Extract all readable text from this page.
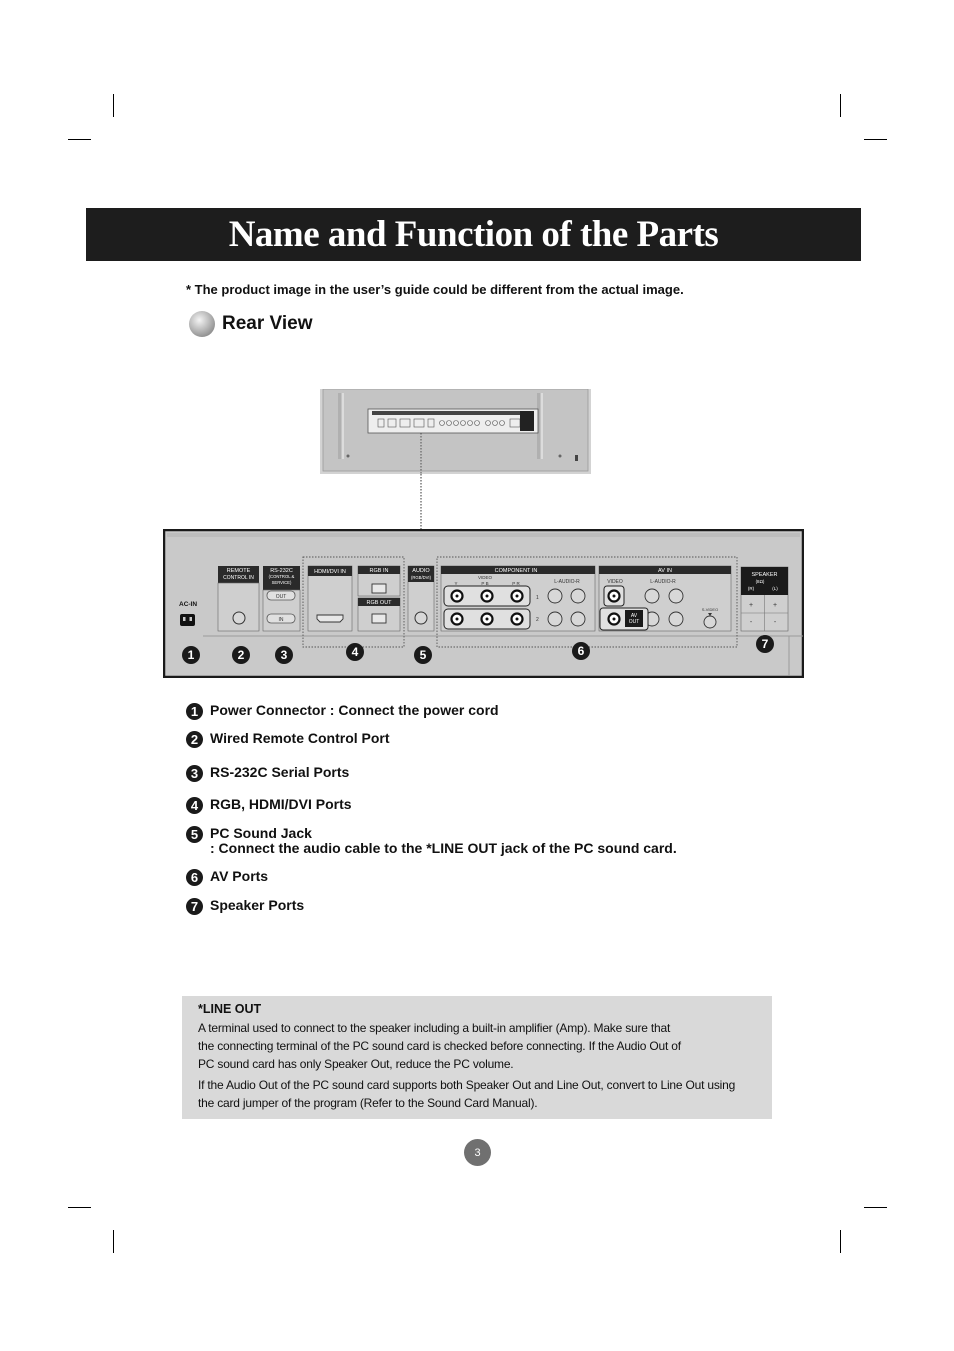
Name and Function of the Parts
* The product image in the user’s guide could be different from the actual image.
Rear View
AC-IN
REMOTE
CONTROL IN
RS-232C
(CONTROL &
SERVICE)
OUT
IN
HDMI/DVI IN	RGB IN
RGB OUT
AUDIO
(RGB/DVI)
COMPONENT IN
VIDEO
Y	P B	P R	L-AUDIO-R
1
2
AV IN
VIDEO	L-AUDIO-R
AV
OUT
S-VIDEO
SPEAKER
(8Ω)
(R)	(L)
+	+
-	-
1	2	3	4	5	6	7
1 Power Connector : Connect the power cord
2 Wired Remote Control Port
3 RS-232C Serial Ports
4 RGB, HDMI/DVI Ports
5 PC Sound Jack
: Connect the audio cable to the *LINE OUT jack of the PC sound card.
6 AV Ports
7 Speaker Ports
*LINE OUT

A terminal used to connect to the speaker including a built-in amplifier (Amp). Make sure that
the connecting terminal of the PC sound card is checked before connecting. If the Audio Out of
PC sound card has only Speaker Out, reduce the PC volume.

If the Audio Out of the PC sound card supports both Speaker Out and Line Out, convert to Line Out using
the card jumper of the program (Refer to the Sound Card Manual).

3
